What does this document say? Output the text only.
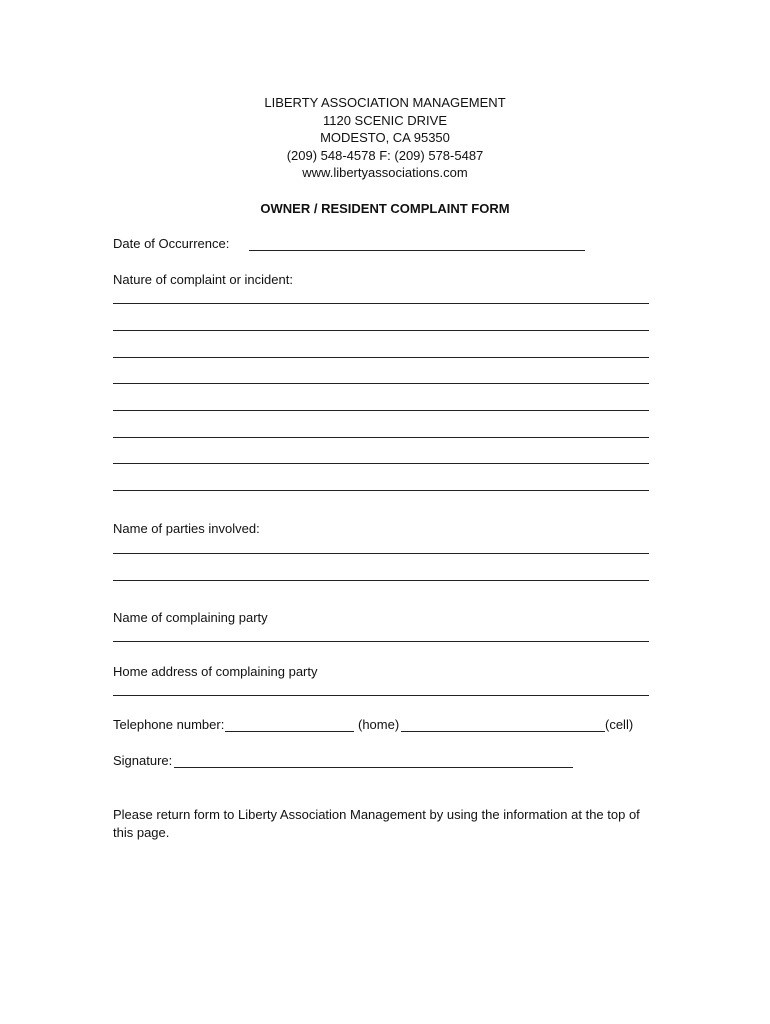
LIBERTY ASSOCIATION MANAGEMENT
1120 SCENIC DRIVE
MODESTO, CA 95350
(209) 548-4578 F: (209) 578-5487
www.libertyassociations.com
OWNER / RESIDENT COMPLAINT FORM
Date of Occurrence:
Nature of complaint or incident:
Name of parties involved:
Name of complaining party
Home address of complaining party
Telephone number:	(home)	(cell)
Signature:
Please return form to Liberty Association Management by using the information at the top of this page.
